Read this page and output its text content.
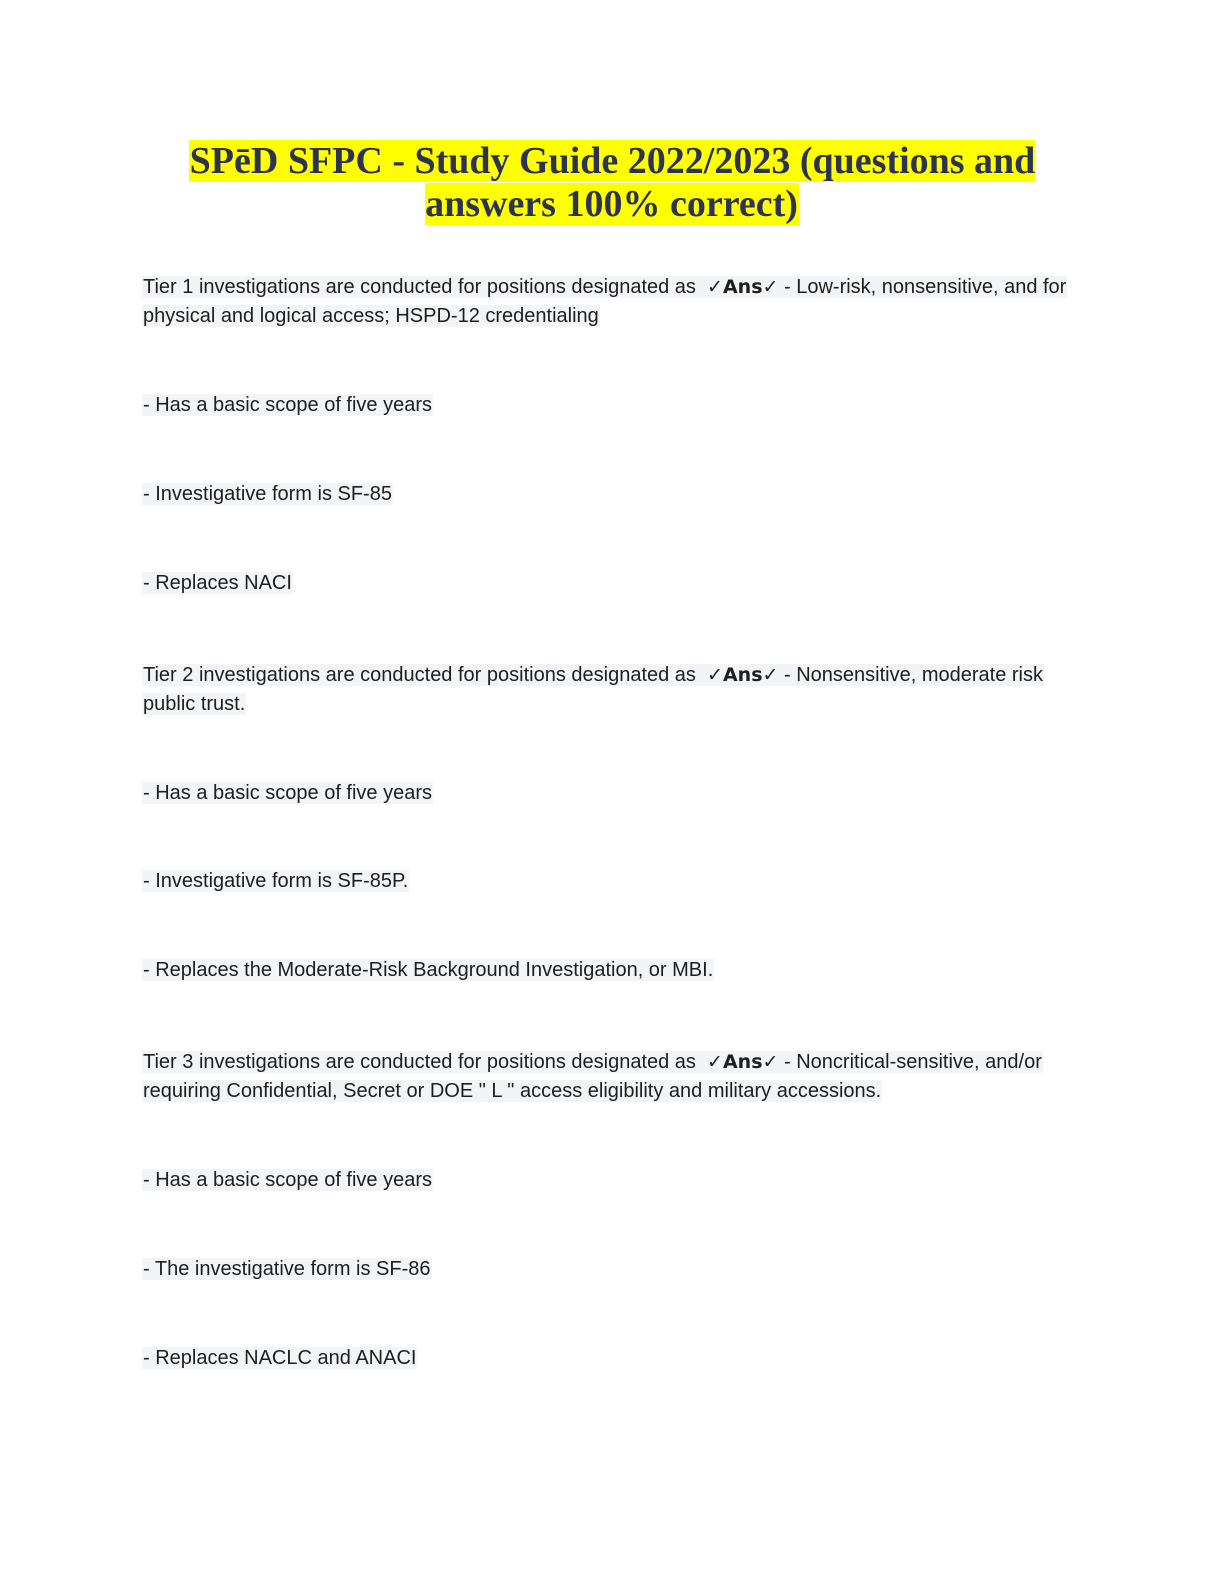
SPēD SFPC - Study Guide 2022/2023 (questions and answers 100% correct)

Tier 1 investigations are conducted for positions designated as ✓Ans✓ - Low-risk, nonsensitive, and for physical and logical access; HSPD-12 credentialing

- Has a basic scope of five years

- Investigative form is SF-85

- Replaces NACI

Tier 2 investigations are conducted for positions designated as ✓Ans✓ - Nonsensitive, moderate risk public trust.

- Has a basic scope of five years

- Investigative form is SF-85P.

- Replaces the Moderate-Risk Background Investigation, or MBI.

Tier 3 investigations are conducted for positions designated as ✓Ans✓ - Noncritical-sensitive, and/or requiring Confidential, Secret or DOE " L " access eligibility and military accessions.

- Has a basic scope of five years

- The investigative form is SF-86

- Replaces NACLC and ANACI
